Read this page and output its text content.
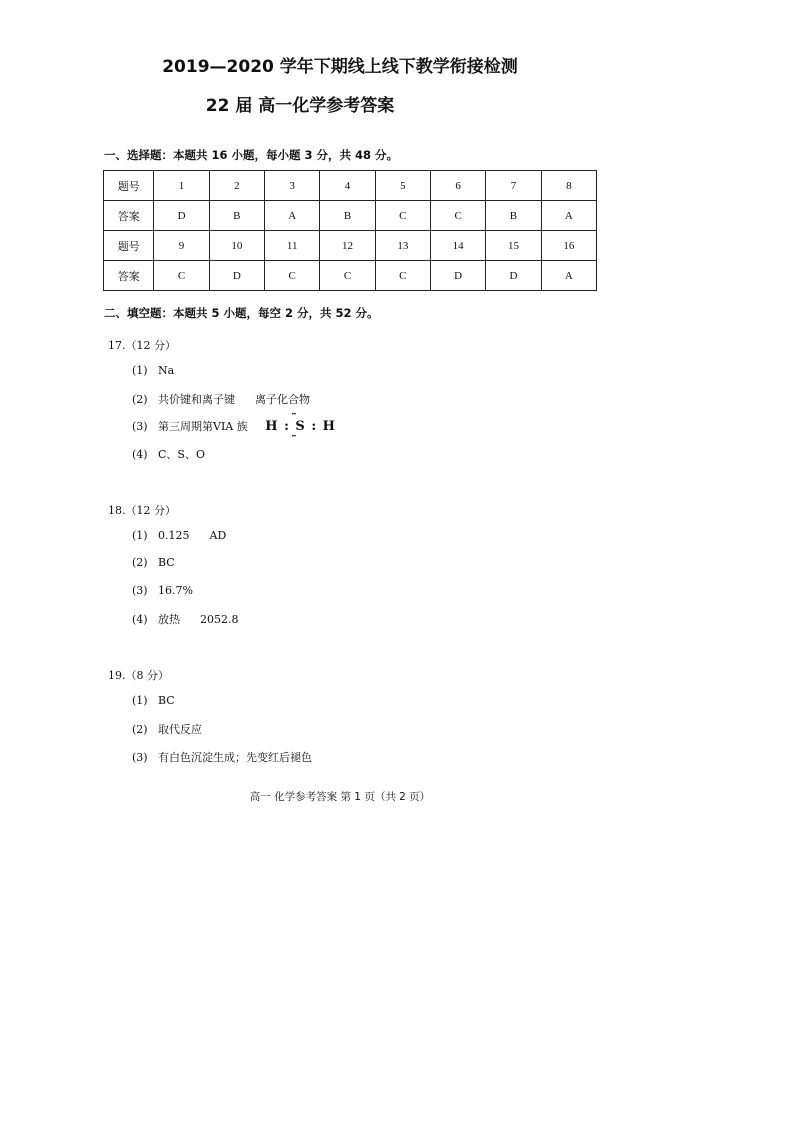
2019—2020 学年下期线上线下教学衔接检测
22 届 高一化学参考答案
一、选择题：本题共 16 小题，每小题 3 分，共 48 分。
题号	1	2	3	4	5	6	7	8
答案	D	B	A	B	C	C	B	A
题号	9	10	11	12	13	14	15	16
答案	C	D	C	C	C	D	D	A
二、填空题：本题共 5 小题，每空 2 分，共 52 分。
17.（12 分）
(1) Na
(2) 共价键和离子键 离子化合物
(3) 第三周期第VIA 族 H : S : H
··
··
(4) C、S、O
18.（12 分）
(1) 0.125 AD
(2) BC
(3) 16.7%
(4) 放热 2052.8
19.（8 分）
(1) BC
(2) 取代反应
(3) 有白色沉淀生成；先变红后褪色
高一 化学参考答案 第 1 页（共 2 页）
